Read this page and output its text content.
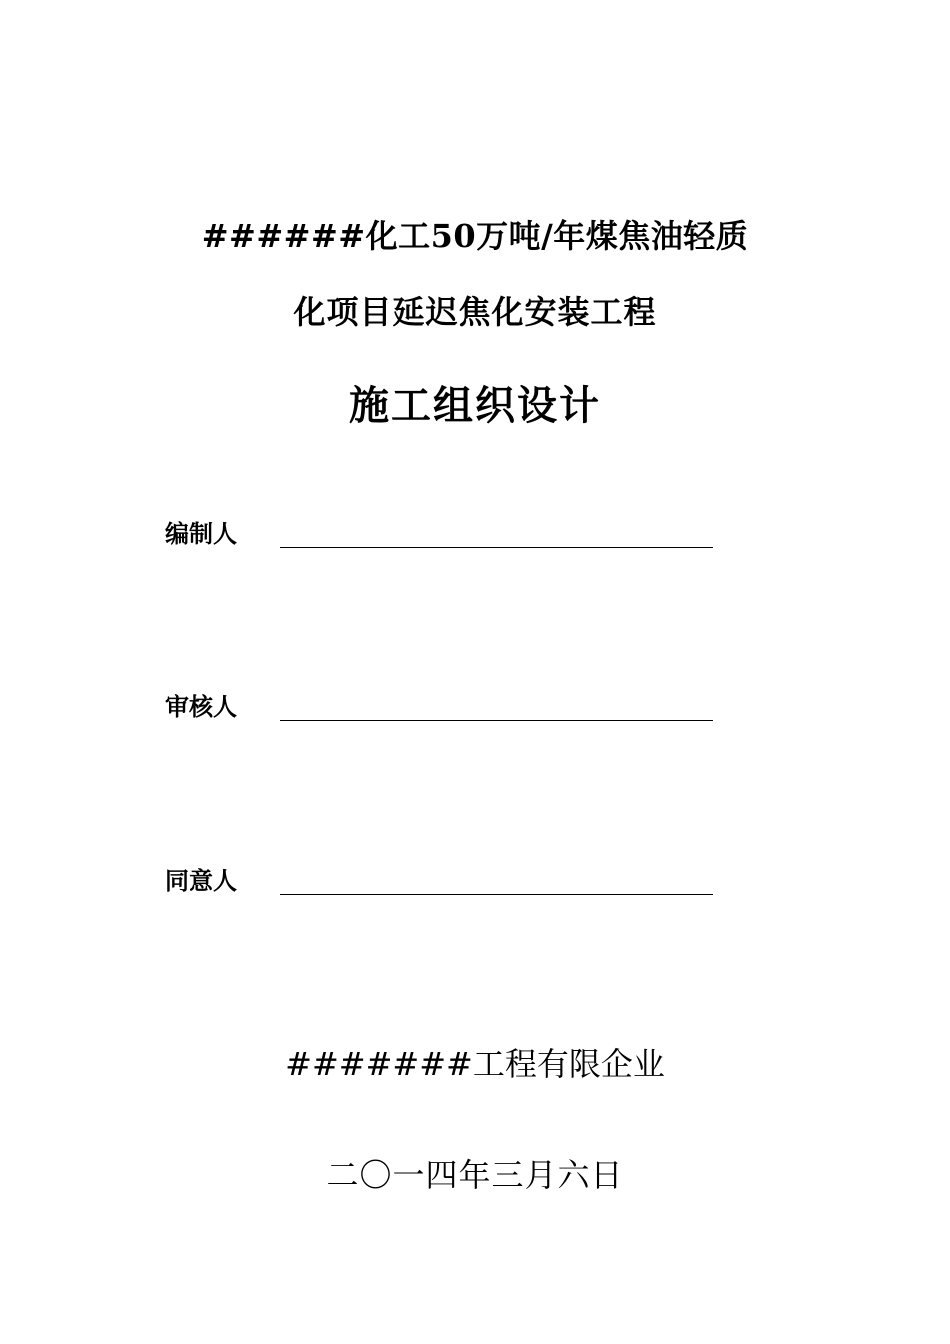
######化工50万吨/年煤焦油轻质
化项目延迟焦化安装工程
施工组织设计
编制人
审核人
同意人
#######工程有限企业
二〇一四年三月六日
